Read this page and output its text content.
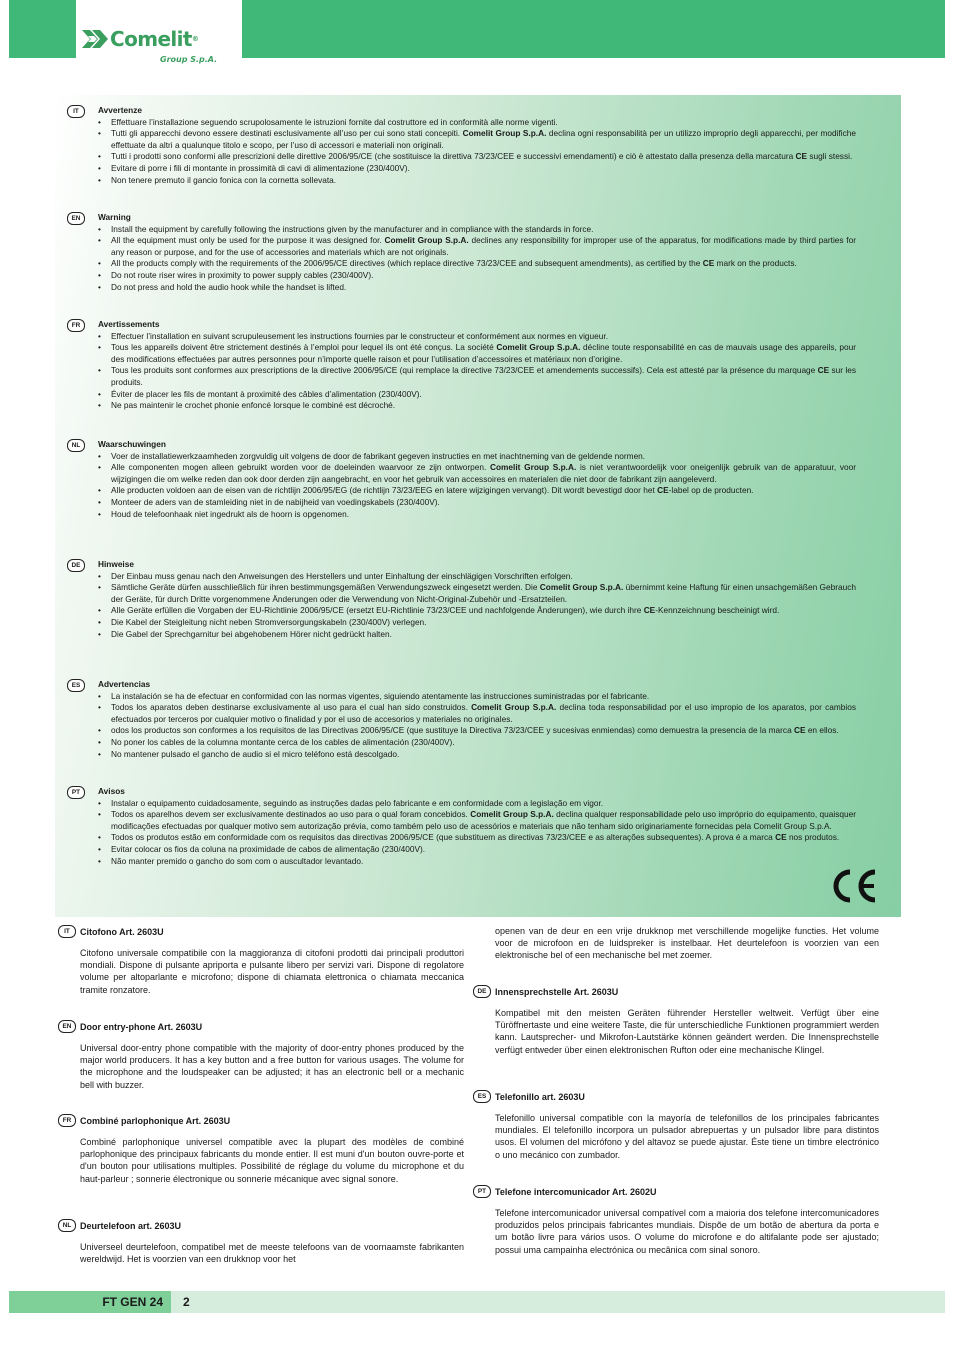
Comelit®
Group S.p.A.
IT	Avvertenze
• Effettuare l’installazione seguendo scrupolosamente le istruzioni fornite dal costruttore ed in conformità alle norme vigenti.
• Tutti gli apparecchi devono essere destinati esclusivamente all’uso per cui sono stati concepiti. Comelit Group S.p.A. declina ogni responsabilità per un utilizzo improprio degli apparecchi, per modifiche effettuate da altri a qualunque titolo e scopo, per l’uso di accessori e materiali non originali.
• Tutti i prodotti sono conformi alle prescrizioni delle direttive 2006/95/CE (che sostituisce la direttiva 73/23/CEE e successivi emendamenti) e ciò è attestato dalla presenza della marcatura CE sugli stessi.
• Evitare di porre i fili di montante in prossimità di cavi di alimentazione (230/400V).
• Non tenere premuto il gancio fonica con la cornetta sollevata.
EN	Warning
• Install the equipment by carefully following the instructions given by the manufacturer and in compliance with the standards in force.
• All the equipment must only be used for the purpose it was designed for. Comelit Group S.p.A. declines any responsibility for improper use of the apparatus, for modifications made by third parties for any reason or purpose, and for the use of accessories and materials which are not originals.
• All the products comply with the requirements of the 2006/95/CE directives (which replace directive 73/23/CEE and subsequent amendments), as certified by the CE mark on the products.
• Do not route riser wires in proximity to power supply cables (230/400V).
• Do not press and hold the audio hook while the handset is lifted.
FR	Avertissements
• Effectuer l’installation en suivant scrupuleusement les instructions fournies par le constructeur et conformément aux normes en vigueur.
• Tous les appareils doivent être strictement destinés à l’emploi pour lequel ils ont été conçus. La société Comelit Group S.p.A. décline toute responsabilité en cas de mauvais usage des appareils, pour des modifications effectuées par autres personnes pour n’importe quelle raison et pour l’utilisation d’accessoires et matériaux non d’origine.
• Tous les produits sont conformes aux prescriptions de la directive 2006/95/CE (qui remplace la directive 73/23/CEE et amendements successifs). Cela est attesté par la présence du marquage CE sur les produits.
• Éviter de placer les fils de montant à proximité des câbles d’alimentation (230/400V).
• Ne pas maintenir le crochet phonie enfoncé lorsque le combiné est décroché.
NL	Waarschuwingen
• Voer de installatiewerkzaamheden zorgvuldig uit volgens de door de fabrikant gegeven instructies en met inachtneming van de geldende normen.
• Alle componenten mogen alleen gebruikt worden voor de doeleinden waarvoor ze zijn ontworpen. Comelit Group S.p.A. is niet verantwoordelijk voor oneigenlijk gebruik van de apparatuur, voor wijzigingen die om welke reden dan ook door derden zijn aangebracht, en voor het gebruik van accessoires en materialen die niet door de fabrikant zijn aangeleverd.
• Alle producten voldoen aan de eisen van de richtlijn 2006/95/EG (de richtlijn 73/23/EEG en latere wijzigingen vervangt). Dit wordt bevestigd door het CE-label op de producten.
• Monteer de aders van de stamleiding niet in de nabijheid van voedingskabels (230/400V).
• Houd de telefoonhaak niet ingedrukt als de hoorn is opgenomen.
DE	Hinweise
• Der Einbau muss genau nach den Anweisungen des Herstellers und unter Einhaltung der einschlägigen Vorschriften erfolgen.
• Sämtliche Geräte dürfen ausschließlich für ihren bestimmungsgemäßen Verwendungszweck eingesetzt werden. Die Comelit Group S.p.A. übernimmt keine Haftung für einen unsachgemäßen Gebrauch der Geräte, für durch Dritte vorgenommene Änderungen oder die Verwendung von Nicht-Original-Zubehör und -Ersatzteilen.
• Alle Geräte erfüllen die Vorgaben der EU-Richtlinie 2006/95/CE (ersetzt EU-Richtlinie 73/23/CEE und nachfolgende Änderungen), wie durch ihre CE-Kennzeichnung bescheinigt wird.
• Die Kabel der Steigleitung nicht neben Stromversorgungskabeln (230/400V) verlegen.
• Die Gabel der Sprechgarnitur bei abgehobenem Hörer nicht gedrückt halten.
ES	Advertencias
• La instalación se ha de efectuar en conformidad con las normas vigentes, siguiendo atentamente las instrucciones suministradas por el fabricante.
• Todos los aparatos deben destinarse exclusivamente al uso para el cual han sido construidos. Comelit Group S.p.A. declina toda responsabilidad por el uso impropio de los aparatos, por cambios efectuados por terceros por cualquier motivo o finalidad y por el uso de accesorios y materiales no originales.
• odos los productos son conformes a los requisitos de las Directivas 2006/95/CE (que sustituye la Directiva 73/23/CEE y sucesivas enmiendas) como demuestra la presencia de la marca CE en ellos.
• No poner los cables de la columna montante cerca de los cables de alimentación (230/400V).
• No mantener pulsado el gancho de audio si el micro teléfono está descolgado.
PT	Avisos
• Instalar o equipamento cuidadosamente, seguindo as instruções dadas pelo fabricante e em conformidade com a legislação em vigor.
• Todos os aparelhos devem ser exclusivamente destinados ao uso para o qual foram concebidos. Comelit Group S.p.A. declina qualquer responsabilidade pelo uso impróprio do equipamento, quaisquer modificações efectuadas por qualquer motivo sem autorização prévia, como também pelo uso de acessórios e materiais que não tenham sido originariamente fornecidas pela Comelit Group S.p.A.
• Todos os produtos estão em conformidade com os requisitos das directivas 2006/95/CE (que substituem as directivas 73/23/CEE e as alterações subsequentes). A prova é a marca CE nos produtos.
• Evitar colocar os fios da coluna na proximidade de cabos de alimentação (230/400V).
• Não manter premido o gancho do som com o auscultador levantado.
IT	Citofono Art. 2603U
Citofono universale compatibile con la maggioranza di citofoni prodotti dai principali produttori mondiali. Dispone di pulsante apriporta e pulsante libero per servizi vari. Dispone di regolatore volume per altoparlante e microfono; dispone di chiamata elettronica o chiamata meccanica tramite ronzatore.
EN Door entry-phone Art. 2603U
Universal door-entry phone compatible with the majority of door-entry phones produced by the major world producers. It has a key button and a free button for various usages. The volume for the microphone and the loudspeaker can be adjusted; it has an electronic bell or a mechanic bell with buzzer.
FR Combiné parlophonique Art. 2603U
Combiné parlophonique universel compatible avec la plupart des modèles de combiné parlophonique des principaux fabricants du monde entier. Il est muni d'un bouton ouvre-porte et d'un bouton pour utilisations multiples. Possibilité de réglage du volume du microphone et du haut-parleur ; sonnerie électronique ou sonnerie mécanique avec signal sonore.
NL Deurtelefoon art. 2603U
Universeel deurtelefoon, compatibel met de meeste telefoons van de voornaamste fabrikanten wereldwijd. Het is voorzien van een drukknop voor het
openen van de deur en een vrije drukknop met verschillende mogelijke functies. Het volume voor de microfoon en de luidspreker is instelbaar. Het deurtelefoon is voorzien van een elektronische bel of een mechanische bel met zoemer.
DE Innensprechstelle Art. 2603U
Kompatibel mit den meisten Geräten führender Hersteller weltweit. Verfügt über eine Türöffnertaste und eine weitere Taste, die für unterschiedliche Funktionen programmiert werden kann. Lautsprecher- und Mikrofon-Lautstärke können geändert werden. Die Innensprechstelle verfügt entweder über einen elektronischen Rufton oder eine mechanische Klingel.
ES Telefonillo art. 2603U
Telefonillo universal compatible con la mayoría de telefonillos de los principales fabricantes mundiales. El telefonillo incorpora un pulsador abrepuertas y un pulsador libre para distintos usos. El volumen del micrófono y del altavoz se puede ajustar. Éste tiene un timbre electrónico o uno mecánico con zumbador.
PT Telefone intercomunicador Art. 2602U
Telefone intercomunicador universal compatível com a maioria dos telefone intercomunicadores produzidos pelos principais fabricantes mundiais. Dispõe de um botão de abertura da porta e um botão livre para vários usos. O volume do microfone e do altifalante pode ser ajustado; possui uma campainha electrónica ou mecânica com sinal sonoro.
FT GEN 24	2
